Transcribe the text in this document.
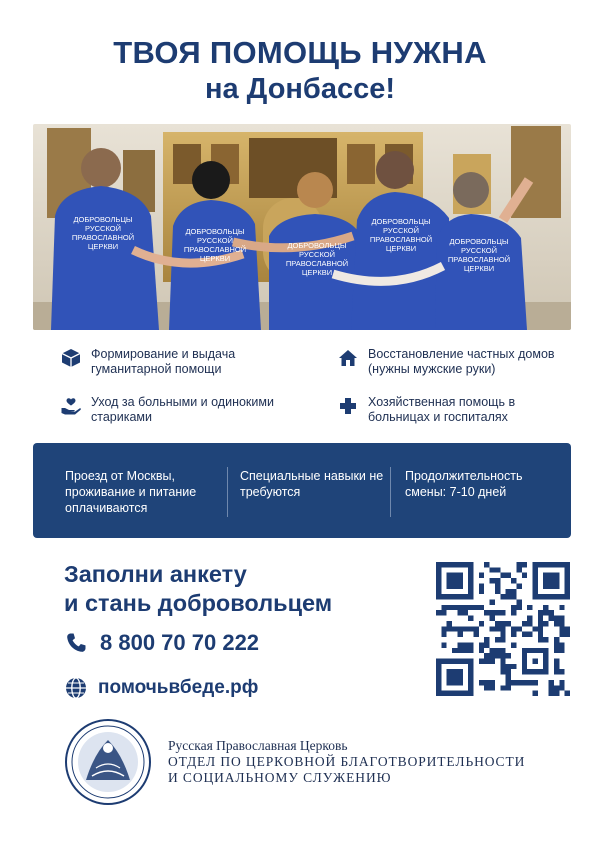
ТВОЯ ПОМОЩЬ НУЖНА
на Донбассе!
ДОБРОВОЛЬЦЫ
РУССКОЙ
ПРАВОСЛАВНОЙ
ЦЕРКВИ
ДОБРОВОЛЬЦЫ
РУССКОЙ
ПРАВОСЛАВНОЙ
ЦЕРКВИ
ДОБРОВОЛЬЦЫ
РУССКОЙ
ПРАВОСЛАВНОЙ
ЦЕРКВИ
ДОБРОВОЛЬЦЫ
РУССКОЙ
ПРАВОСЛАВНОЙ
ЦЕРКВИ
ДОБРОВОЛЬЦЫ
РУССКОЙ
ПРАВОСЛАВНОЙ
ЦЕРКВИ
Формирование и выдача гуманитарной помощи
Восстановление частных домов (нужны мужские руки)
Уход за больными и одинокими стариками
Хозяйственная помощь в больницах и госпиталях
Проезд от Москвы, проживание и питание оплачиваются
Специальные навыки не требуются
Продолжительность смены: 7-10 дней
Заполни анкету
и стань добровольцем
8 800 70 70 222
помочьвбеде.рф
Русская Православная Церковь
ОТДЕЛ ПО ЦЕРКОВНОЙ БЛАГОТВОРИТЕЛЬНОСТИ
И СОЦИАЛЬНОМУ СЛУЖЕНИЮ
